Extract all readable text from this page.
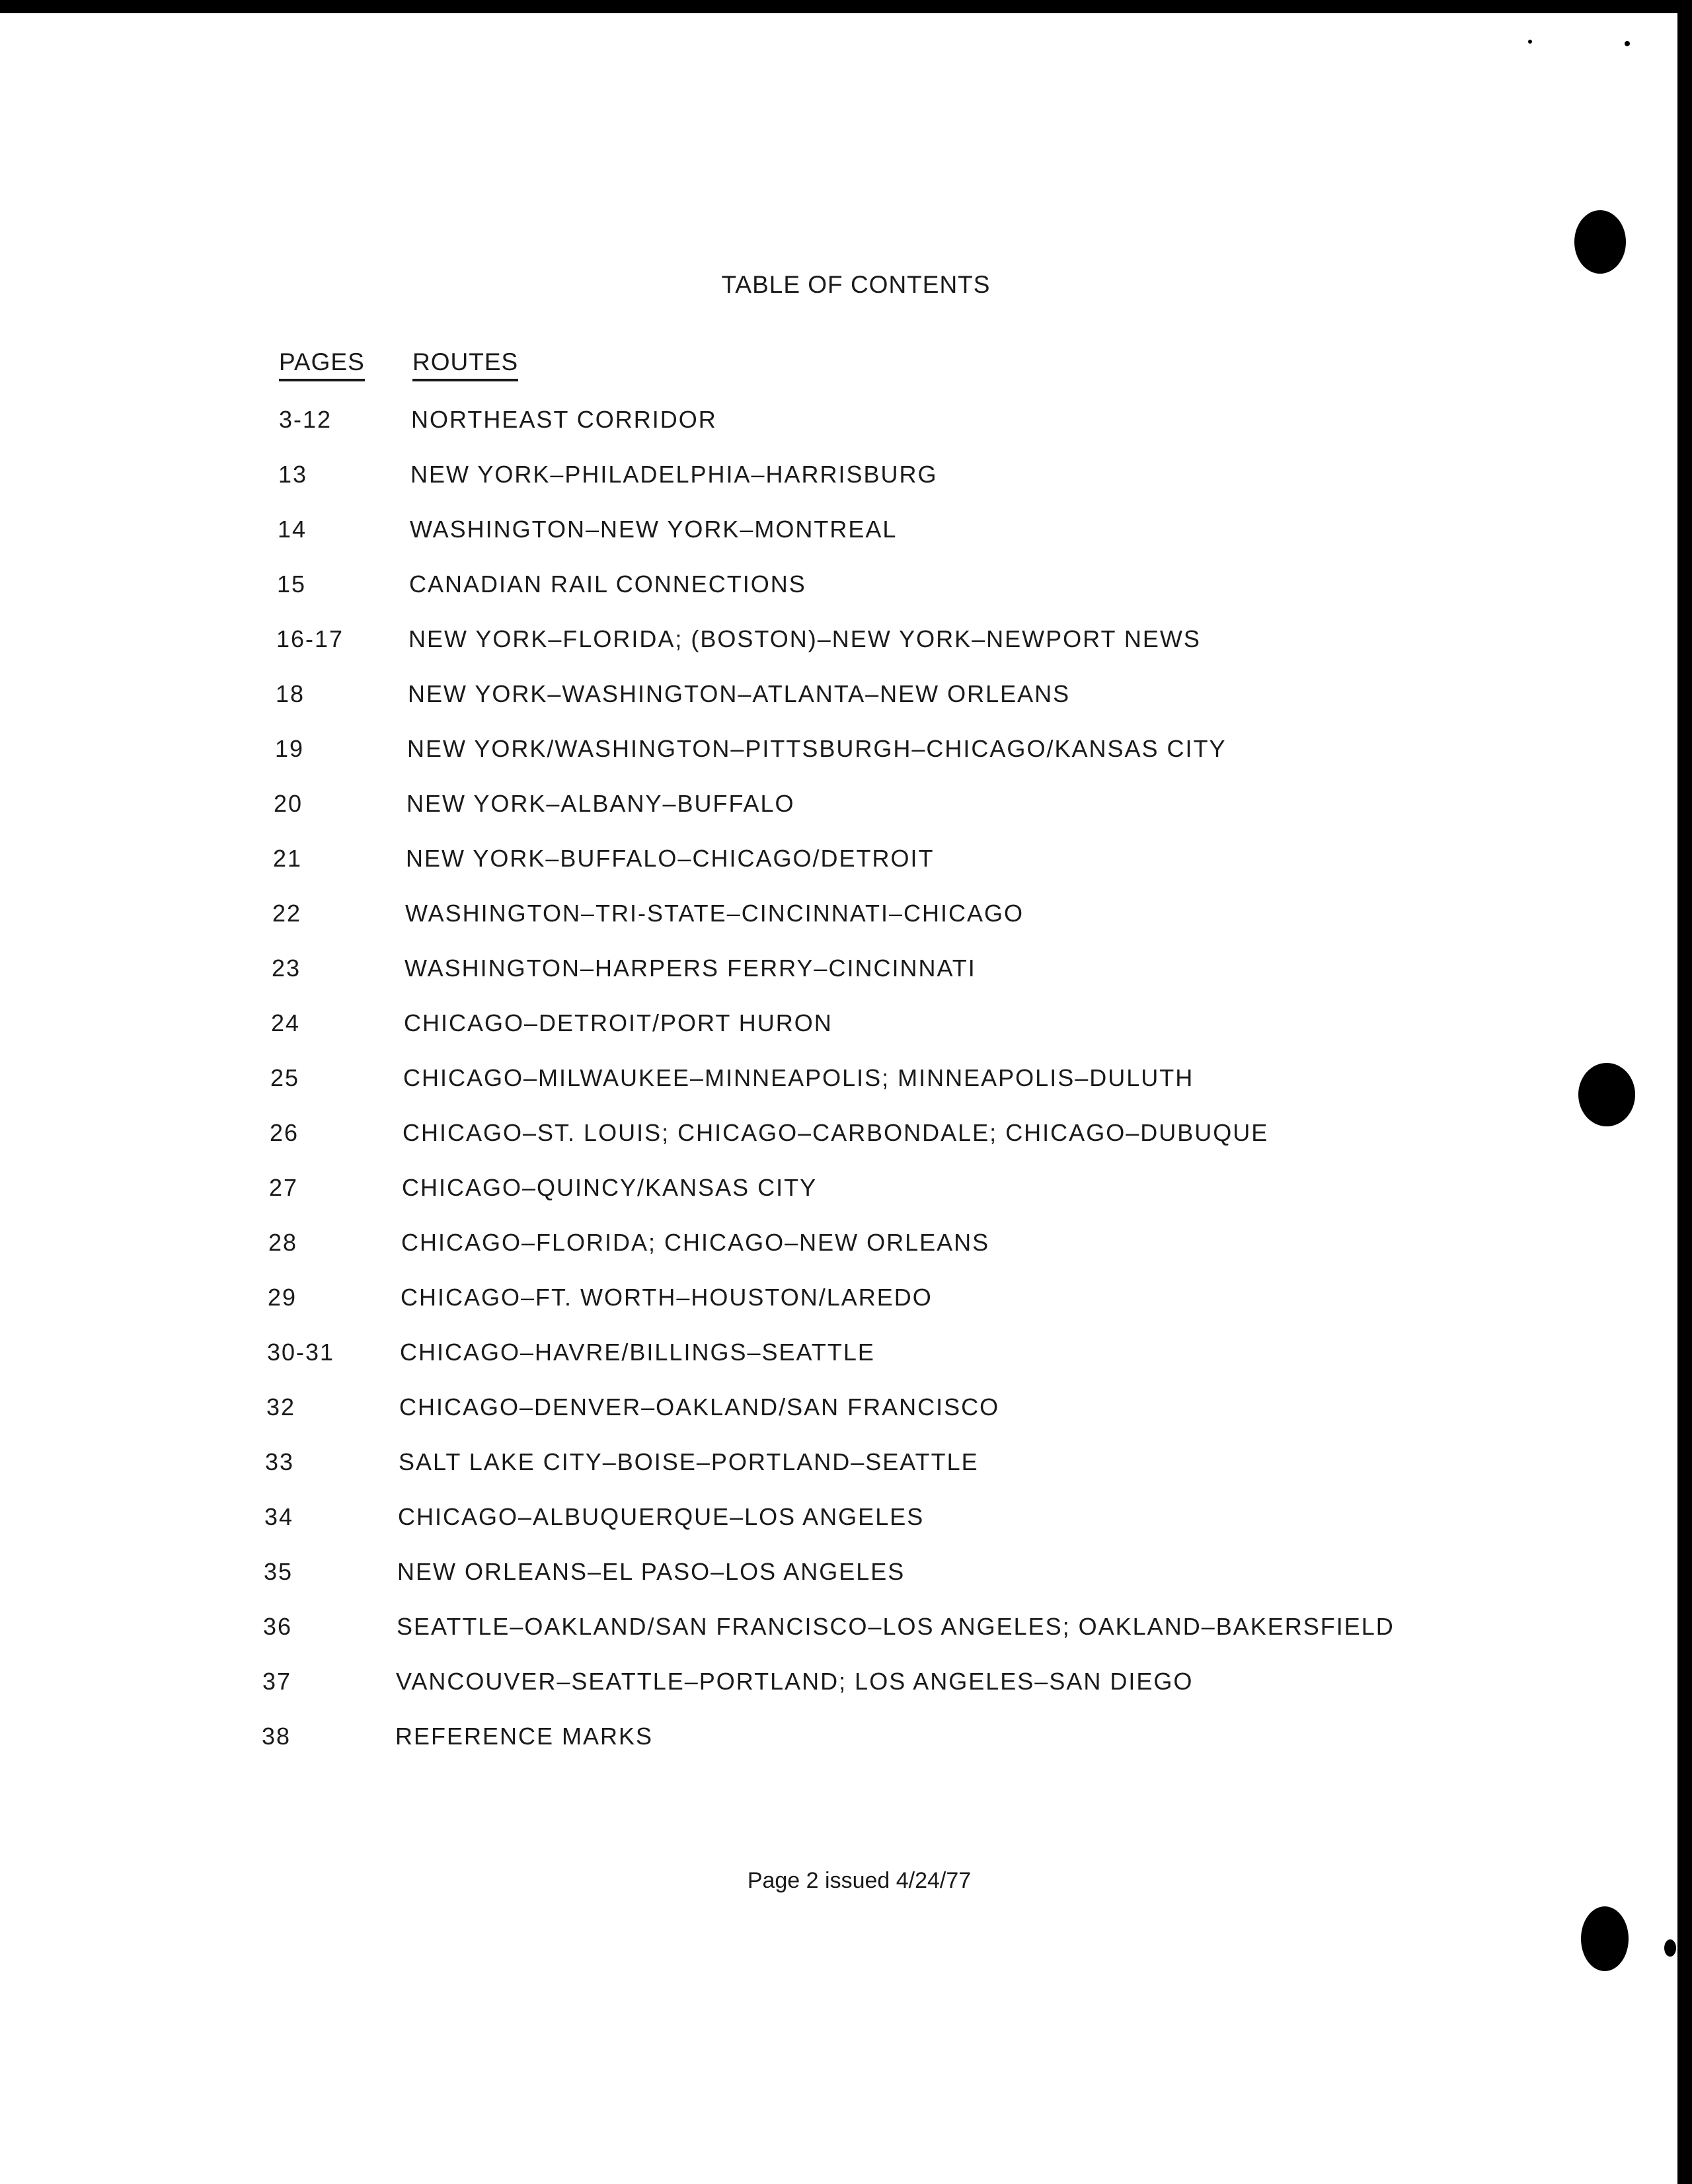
TABLE OF CONTENTS
PAGES ROUTES
3-12	NORTHEAST CORRIDOR
13	NEW YORK–PHILADELPHIA–HARRISBURG
14	WASHINGTON–NEW YORK–MONTREAL
15	CANADIAN RAIL CONNECTIONS
16-17	NEW YORK–FLORIDA; (BOSTON)–NEW YORK–NEWPORT NEWS
18	NEW YORK–WASHINGTON–ATLANTA–NEW ORLEANS
19	NEW YORK/WASHINGTON–PITTSBURGH–CHICAGO/KANSAS CITY
20	NEW YORK–ALBANY–BUFFALO
21	NEW YORK–BUFFALO–CHICAGO/DETROIT
22	WASHINGTON–TRI-STATE–CINCINNATI–CHICAGO
23	WASHINGTON–HARPERS FERRY–CINCINNATI
24	CHICAGO–DETROIT/PORT HURON
25	CHICAGO–MILWAUKEE–MINNEAPOLIS; MINNEAPOLIS–DULUTH
26	CHICAGO–ST. LOUIS; CHICAGO–CARBONDALE; CHICAGO–DUBUQUE
27	CHICAGO–QUINCY/KANSAS CITY
28	CHICAGO–FLORIDA; CHICAGO–NEW ORLEANS
29	CHICAGO–FT. WORTH–HOUSTON/LAREDO
30-31	CHICAGO–HAVRE/BILLINGS–SEATTLE
32	CHICAGO–DENVER–OAKLAND/SAN FRANCISCO
33	SALT LAKE CITY–BOISE–PORTLAND–SEATTLE
34	CHICAGO–ALBUQUERQUE–LOS ANGELES
35	NEW ORLEANS–EL PASO–LOS ANGELES
36	SEATTLE–OAKLAND/SAN FRANCISCO–LOS ANGELES; OAKLAND–BAKERSFIELD
37	VANCOUVER–SEATTLE–PORTLAND; LOS ANGELES–SAN DIEGO
38	REFERENCE MARKS
Page 2 issued 4/24/77
